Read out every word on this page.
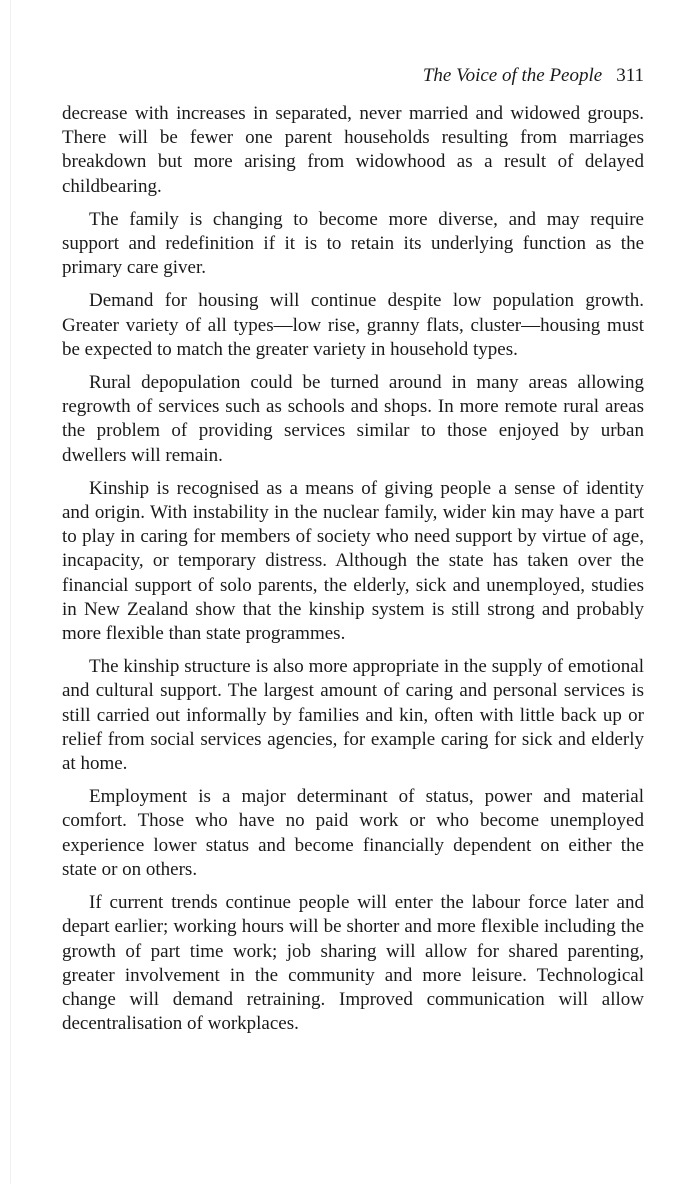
The Voice of the People 311

decrease with increases in separated, never married and widowed groups. There will be fewer one parent households resulting from marriages breakdown but more arising from widowhood as a result of delayed childbearing.

The family is changing to become more diverse, and may require support and redefinition if it is to retain its underlying function as the primary care giver.

Demand for housing will continue despite low population growth. Greater variety of all types—low rise, granny flats, cluster—housing must be expected to match the greater variety in household types.

Rural depopulation could be turned around in many areas allowing regrowth of services such as schools and shops. In more remote rural areas the problem of providing services similar to those enjoyed by urban dwellers will remain.

Kinship is recognised as a means of giving people a sense of identity and origin. With instability in the nuclear family, wider kin may have a part to play in caring for members of society who need support by virtue of age, incapacity, or temporary distress. Although the state has taken over the financial support of solo parents, the elderly, sick and unemployed, studies in New Zealand show that the kinship system is still strong and probably more flexible than state programmes.

The kinship structure is also more appropriate in the supply of emotional and cultural support. The largest amount of caring and personal services is still carried out informally by families and kin, often with little back up or relief from social services agencies, for example caring for sick and elderly at home.

Employment is a major determinant of status, power and material comfort. Those who have no paid work or who become unemployed experience lower status and become financially dependent on either the state or on others.

If current trends continue people will enter the labour force later and depart earlier; working hours will be shorter and more flexible including the growth of part time work; job sharing will allow for shared parenting, greater involvement in the community and more leisure. Technological change will demand retraining. Improved communication will allow decentralisation of workplaces.
